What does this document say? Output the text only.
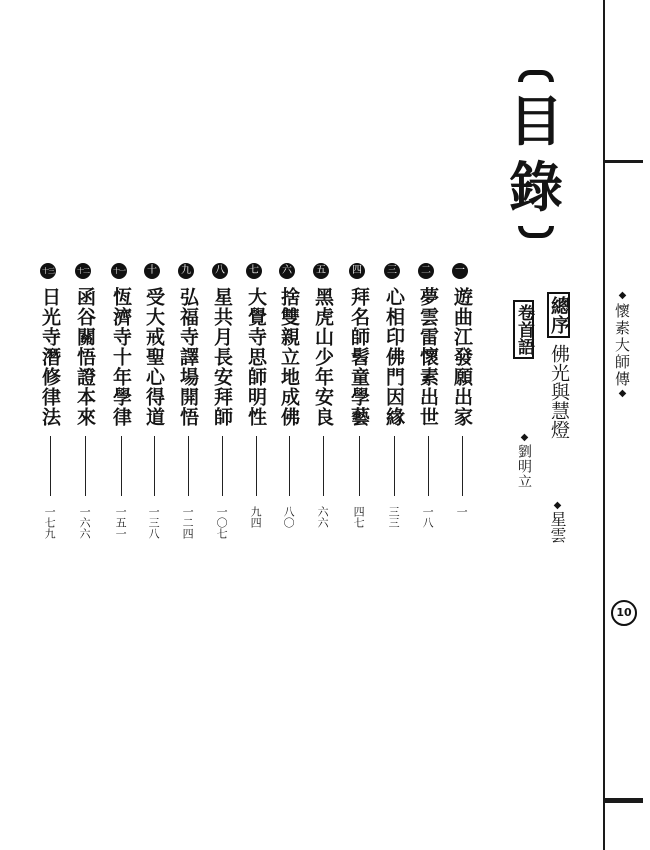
◆懷素大師傳◆
10
目
錄
總序佛光與慧燈
◆星雲
卷首語
◆劉明立
一
遊曲江發願出家
一
二
夢雲雷懷素出世
一八
三
心相印佛門因緣
三三
四
拜名師髫童學藝
四七
五
黑虎山少年安良
六六
六
捨雙親立地成佛
八〇
七
大覺寺思師明性
九四
八
星共月長安拜師
一〇七
九
弘福寺譯場開悟
一二四
十
受大戒聖心得道
一三八
十一
恆濟寺十年學律
一五一
十二
函谷關悟證本來
一六六
十三
日光寺潛修律法
一七九
